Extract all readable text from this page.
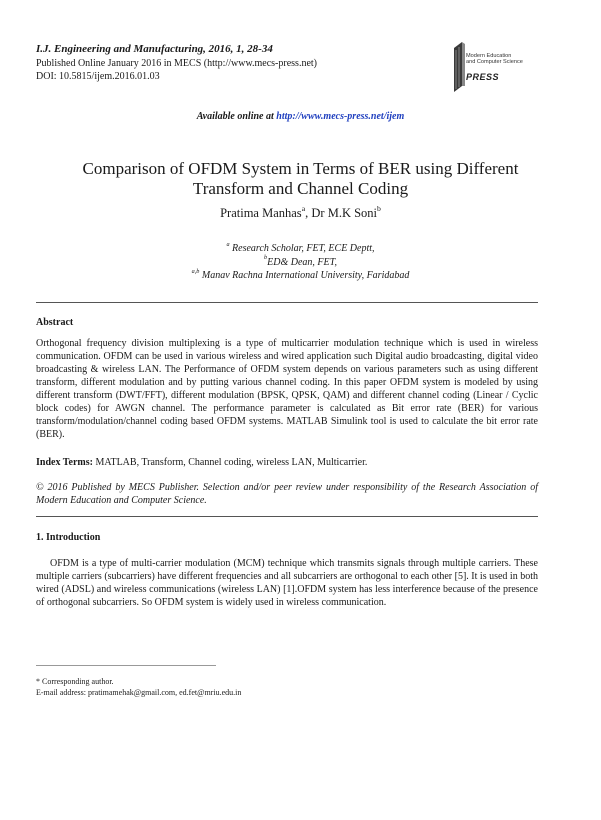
I.J. Engineering and Manufacturing, 2016, 1, 28-34
Published Online January 2016 in MECS (http://www.mecs-press.net)
DOI: 10.5815/ijem.2016.01.03
Modern Education
and Computer Science
PRESS
Available online at http://www.mecs-press.net/ijem
Comparison of OFDM System in Terms of BER using Different
Transform and Channel Coding
Pratima Manhas$^a$, Dr M.K Soni$^b$
$^a$ Research Scholar, FET, ECE Deptt,
$^b$ED& Dean, FET,
$^{a,b}$ Manav Rachna International University, Faridabad
Abstract
Orthogonal frequency division multiplexing is a type of multicarrier modulation technique which is used in wireless communication. OFDM can be used in various wireless and wired application such Digital audio broadcasting, digital video broadcasting & wireless LAN. The Performance of OFDM system depends on various parameters such as using different transform, different modulation and by putting various channel coding. In this paper OFDM system is modeled by using different transform (DWT/FFT), different modulation (BPSK, QPSK, QAM) and different channel coding (Linear / Cyclic block codes) for AWGN channel. The performance parameter is calculated as Bit error rate (BER) for various transform/modulation/channel coding based OFDM systems. MATLAB Simulink tool is used to calculate the bit error rate (BER).
Index Terms: MATLAB, Transform, Channel coding, wireless LAN, Multicarrier.
© 2016 Published by MECS Publisher. Selection and/or peer review under responsibility of the Research Association of Modern Education and Computer Science.
1. Introduction
OFDM is a type of multi-carrier modulation (MCM) technique which transmits signals through multiple carriers. These multiple carriers (subcarriers) have different frequencies and all subcarriers are orthogonal to each other [5]. It is used in both wired (ADSL) and wireless communications (wireless LAN) [1].OFDM system has less interference because of the presence of orthogonal subcarriers. So OFDM system is widely used in wireless communication.
* Corresponding author.
E-mail address: pratimamehak@gmail.com, ed.fet@mriu.edu.in
